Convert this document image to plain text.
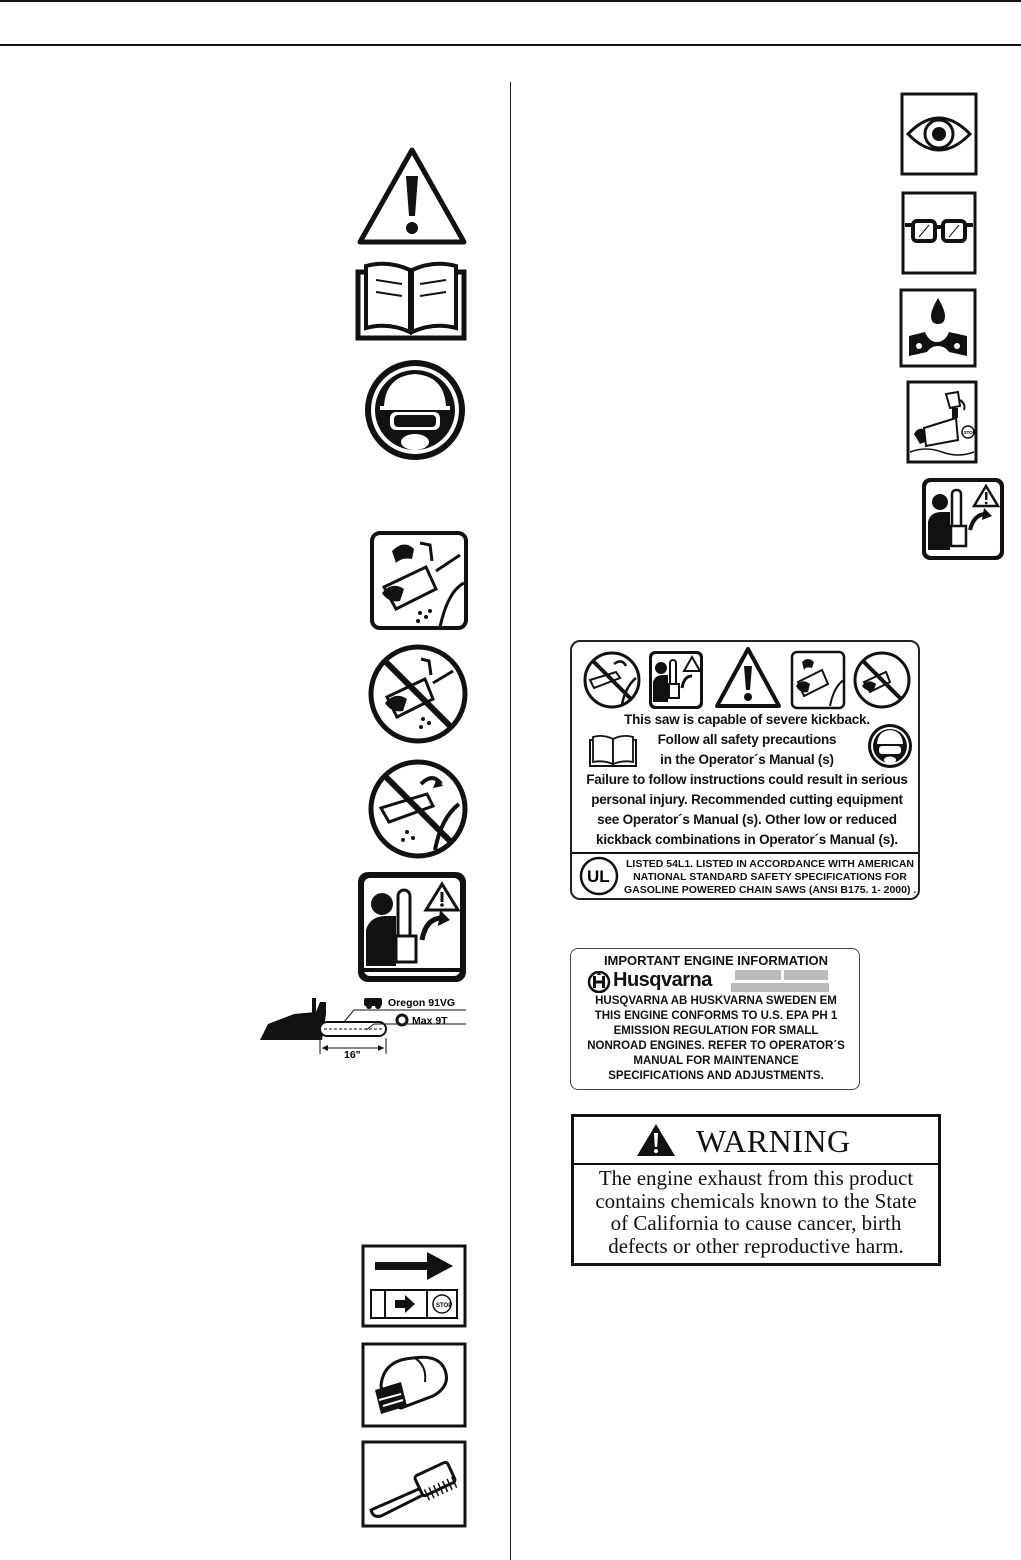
Oregon 91VG
Max 9T
16"
STOP
STOP
This saw is capable of severe kickback.
Follow all safety precautions
in the Operator´s Manual (s)
Failure to follow instructions could result in serious
personal injury. Recommended cutting equipment
see Operator´s Manual (s). Other low or reduced
kickback combinations in Operator´s Manual (s).
UL
LISTED 54L1. LISTED IN ACCORDANCE WITH AMERICAN
NATIONAL STANDARD SAFETY SPECIFICATIONS FOR
GASOLINE POWERED CHAIN SAWS (ANSI B175. 1- 2000) .
IMPORTANT ENGINE INFORMATION
Husqvarna
HUSQVARNA AB HUSKVARNA SWEDEN EM
THIS ENGINE CONFORMS TO U.S. EPA PH 1
EMISSION REGULATION FOR SMALL
NONROAD ENGINES. REFER TO OPERATOR´S
MANUAL FOR MAINTENANCE
SPECIFICATIONS AND ADJUSTMENTS.
WARNING
The engine exhaust from this product
contains chemicals known to the State
of California to cause cancer, birth
defects or other reproductive harm.
